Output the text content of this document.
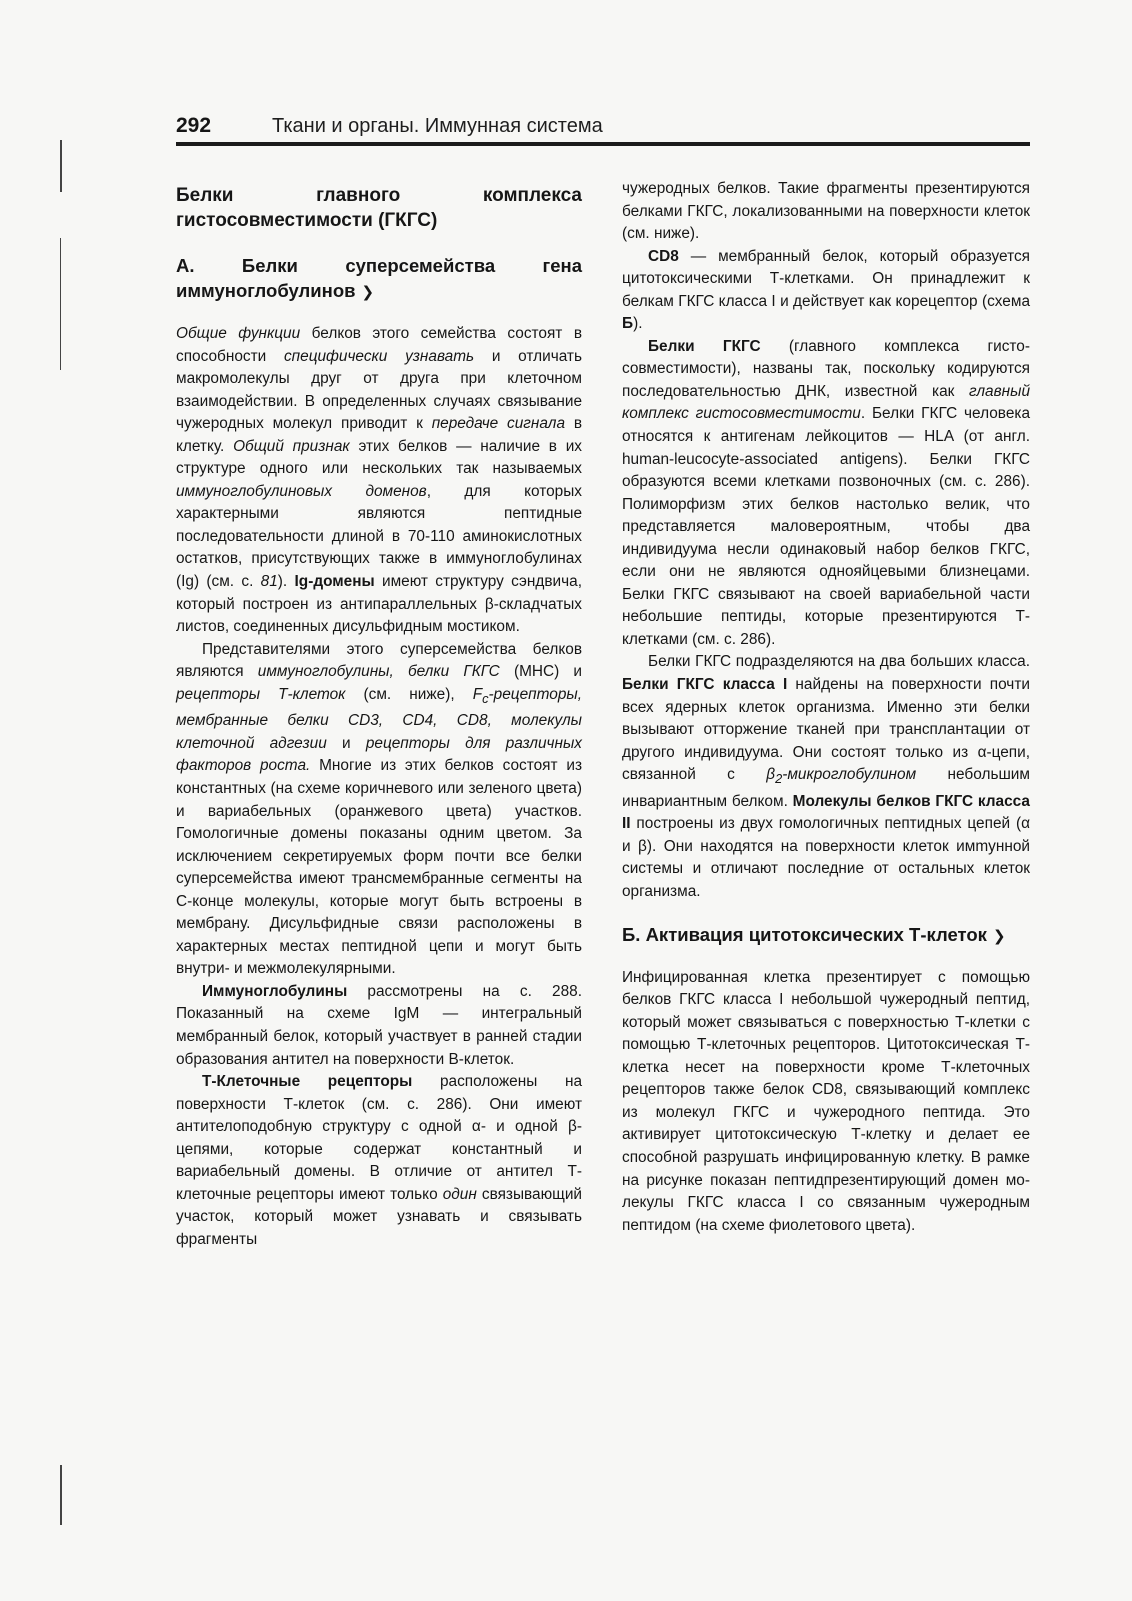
292	Ткани и органы. Иммунная система
Белки главного комплекса гистосовместимости (ГКГС)
А. Белки суперсемейства гена иммуноглобулинов ❯

Общие функции белков этого семейства состоят в способности специфически узнавать и отличать макромолекулы друг от друга при клеточном взаимодействии. В определенных случаях связывание чужеродных молекул приводит к передаче сигнала в клетку. Общий признак этих белков — наличие в их структуре одного или нескольких так называемых иммуноглобулиновых доменов, для которых характерными являются пептидные последовательности длиной в 70-110 аминокислотных остатков, присутствующих также в иммуноглобулинах (Ig) (см. с. 81). Ig-домены имеют структуру сэндвича, который построен из антипараллельных β-складчатых листов, соединенных дисульфидным мостиком.

Представителями этого суперсемейства белков являются иммуноглобулины, белки ГКГС (MHC) и рецепторы Т-клеток (см. ниже), $F_c$-рецепторы, мембранные белки CD3, CD4, CD8, молекулы клеточной адгезии и рецепторы для различных факторов роста. Многие из этих белков состоят из константных (на схеме коричневого или зеленого цвета) и вариабельных (оранжевого цвета) участков. Гомологичные домены показаны одним цветом. За исключением секретируемых форм почти все белки суперсемейства имеют трансмембранные сегменты на С-конце молекулы, которые могут быть встроены в мембрану. Дисульфидные связи расположены в характерных местах пептидной цепи и могут быть внутри- и межмолекулярными.

Иммуноглобулины рассмотрены на с. 288. Показанный на схеме IgM — интегральный мембранный белок, который участвует в ранней стадии образования антител на поверхности В-клеток.

Т-Клеточные рецепторы расположены на поверхности Т-клеток (см. с. 286). Они имеют антителоподобную структуру с одной α- и одной β-цепями, которые содержат константный и вариабельный домены. В отличие от антител Т-клеточные рецепторы имеют только один связывающий участок, который может узнавать и связывать фрагменты

чужеродных белков. Такие фрагменты презентируются белками ГКГС, локализованными на поверхности клеток (см. ниже).

CD8 — мембранный белок, который образуется цитотоксическими Т-клетками. Он принадлежит к белкам ГКГС класса I и действует как корецептор (схема Б).

Белки ГКГС (главного комплекса гистосовместимости), названы так, поскольку кодируются последовательностью ДНК, известной как главный комплекс гистосовместимости. Белки ГКГС человека относятся к антигенам лейкоцитов — HLA (от англ. human-leucocyte-associated antigens). Белки ГКГС образуются всеми клетками позвоночных (см. с. 286). Полиморфизм этих белков настолько велик, что представляется маловероятным, чтобы два индивидуума несли одинаковый набор белков ГКГС, если они не являются однояйцевыми близнецами. Белки ГКГС связывают на своей вариабельной части небольшие пептиды, которые презентируются Т-клетками (см. с. 286).

Белки ГКГС подразделяются на два больших класса. Белки ГКГС класса I найдены на поверхности почти всех ядерных клеток организма. Именно эти белки вызывают отторжение тканей при трансплантации от другого индивидуума. Они состоят только из α-цепи, связанной с $\beta_2$-микроглобулином небольшим инвариантным белком. Молекулы белков ГКГС класса II построены из двух гомологичных пептидных цепей (α и β). Они находятся на поверхности клеток имmунной системы и отличают последние от остальных клеток организма.

Б. Активация цитотоксических Т-клеток ❯

Инфицированная клетка презентирует с помощью белков ГКГС класса I небольшой чужеродный пептид, который может связываться с поверхностью Т-клетки с помощью Т-клеточных рецепторов. Цитотоксическая Т-клетка несет на поверхности кроме Т-клеточных рецепторов также белок CD8, связывающий комплекс из молекул ГКГС и чужеродного пептида. Это активирует цитотоксическую Т-клетку и делает ее способной разрушать инфицированную клетку. В рамке на рисунке показан пептидпрезентирующий домен молекулы ГКГС класса I со связанным чужеродным пептидом (на схеме фиолетового цвета).
